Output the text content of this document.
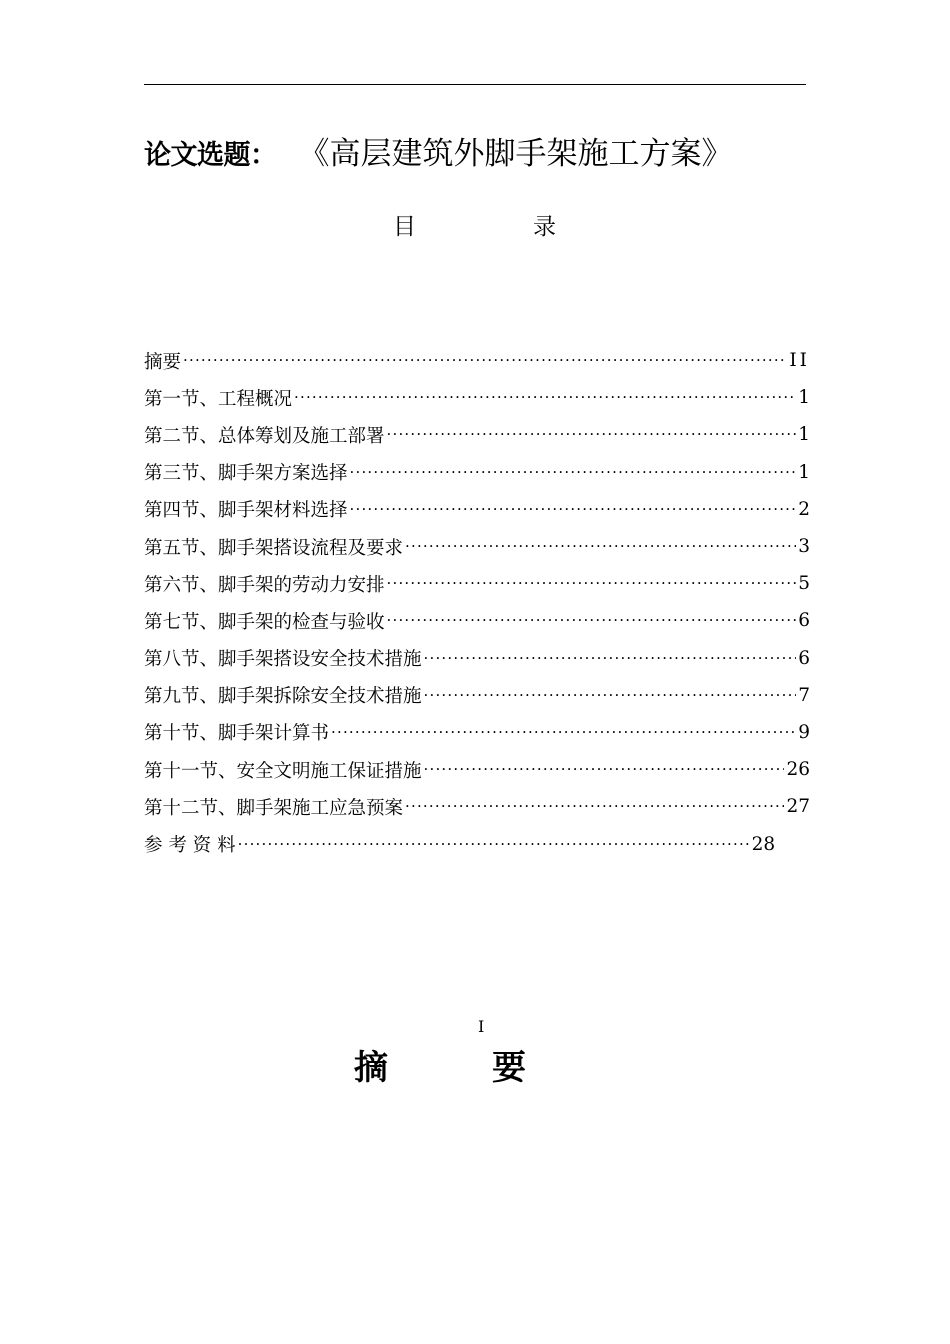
论文选题： 《高层建筑外脚手架施工方案》
目	录
摘要 ·····	II
第一节、工程概况 ·····	1
第二节、总体筹划及施工部署 ·····	1
第三节、脚手架方案选择 ·····	1
第四节、脚手架材料选择 ·····	2
第五节、脚手架搭设流程及要求 ·····	3
第六节、脚手架的劳动力安排 ·····	5
第七节、脚手架的检查与验收 ·····	6
第八节、脚手架搭设安全技术措施 ·····	6
第九节、脚手架拆除安全技术措施 ·····	7
第十节、脚手架计算书 ·····	9
第十一节、安全文明施工保证措施 ·····	26
第十二节、脚手架施工应急预案 ·····	27
参 考 资 料 ·····	28
I
摘	要
